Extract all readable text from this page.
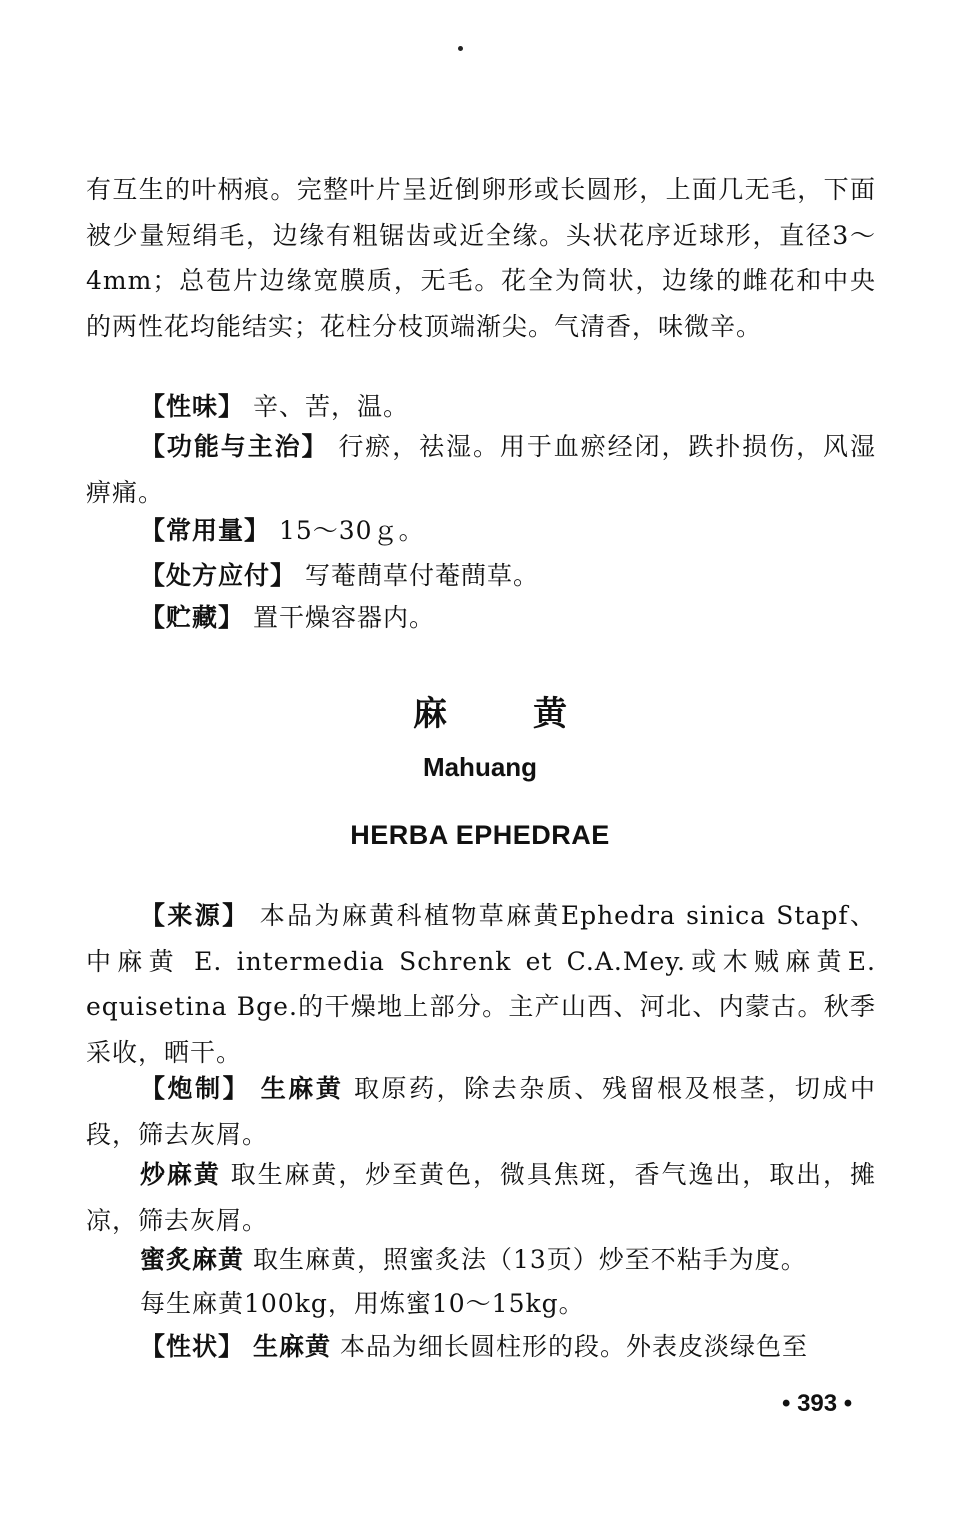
有互生的叶柄痕。完整叶片呈近倒卵形或长圆形，上面几无毛，下面被少量短绢毛，边缘有粗锯齿或近全缘。头状花序近球形，直径3～4mm；总苞片边缘宽膜质，无毛。花全为筒状，边缘的雌花和中央的两性花均能结实；花柱分枝顶端渐尖。气清香，味微辛。

【性味】 辛、苦，温。

【功能与主治】 行瘀，祛湿。用于血瘀经闭，跌扑损伤，风湿痹痛。

【常用量】 15～30ｇ。
【处方应付】 写菴蔄草付菴蔄草。
【贮藏】 置干燥容器内。
麻黄
Mahuang
HERBA EPHEDRAE

【来源】 本品为麻黄科植物草麻黄Ephedra sinica Stapf、中麻黄 E. intermedia Schrenk et C.A.Mey.或木贼麻黄E. equisetina Bge.的干燥地上部分。主产山西、河北、内蒙古。秋季采收，晒干。

【炮制】 生麻黄 取原药，除去杂质、残留根及根茎，切成中段，筛去灰屑。

炒麻黄 取生麻黄，炒至黄色，微具焦斑，香气逸出，取出，摊凉，筛去灰屑。

蜜炙麻黄 取生麻黄，照蜜炙法（13页）炒至不粘手为度。
每生麻黄100kg，用炼蜜10～15kg。
【性状】 生麻黄 本品为细长圆柱形的段。外表皮淡绿色至
• 393 •
